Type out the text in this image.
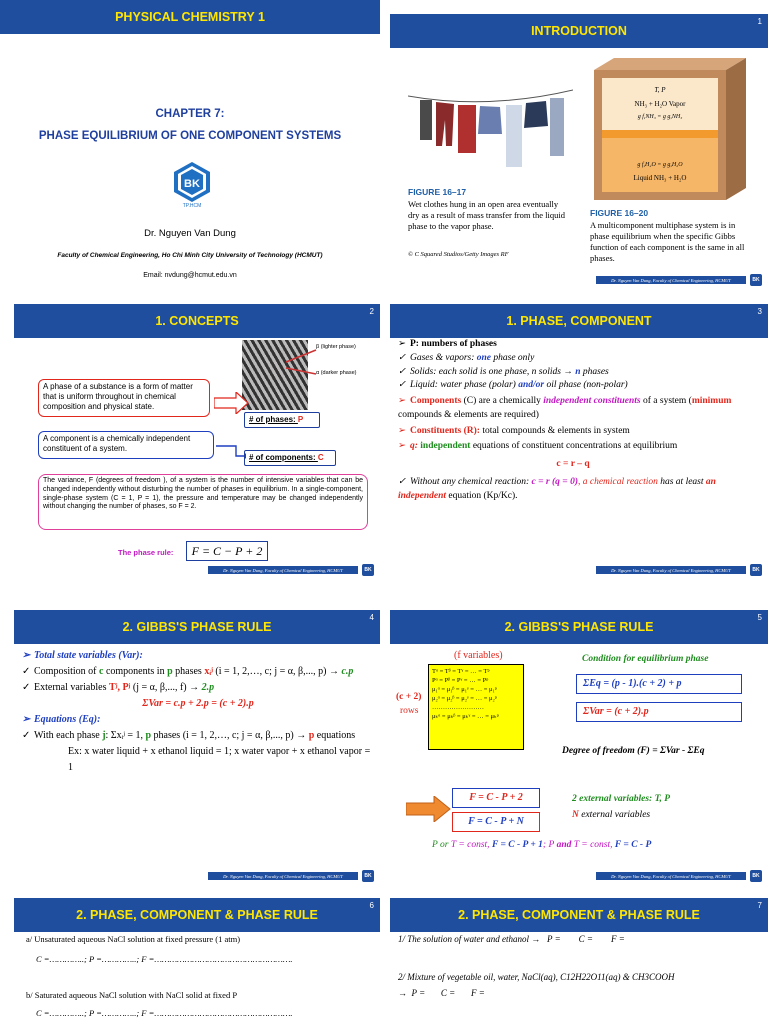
PHYSICAL CHEMISTRY 1
CHAPTER 7:
PHASE EQUILIBRIUM OF ONE COMPONENT SYSTEMS
BK
TP.HCM
Dr. Nguyen Van Dung
Faculty of Chemical Engineering, Ho Chi Minh City University of Technology (HCMUT)
Email: nvdung@hcmut.edu.vn
INTRODUCTION
1
FIGURE 16–17
Wet clothes hung in an open area eventually dry as a result of mass transfer from the liquid phase to the vapor phase.
© C Squared Studios/Getty Images RF
T, P
NH₃ + H₂O Vapor
g f,NH₃ = g g,NH₃
g f,H₂O = g g,H₂O
Liquid NH₃ + H₂O
FIGURE 16–20
A multicomponent multiphase system is in phase equilibrium when the specific Gibbs function of each component is the same in all phases.
Dr. Nguyen Van Dung, Faculty of Chemical Engineering, HCMUT	BK
1. CONCEPTS
2
β (lighter phase)
α (darker phase)
A phase of a substance is a form of matter that is uniform throughout in chemical composition and physical state.
# of phases: P
A component is a chemically independent constituent of a system.
# of components: C
The variance, F (degrees of freedom ), of a system is the number of intensive variables that can be changed independently without disturbing the number of phases in equilibrium. In a single-component, single-phase system (C = 1, P = 1), the pressure and temperature may be changed independently without changing the number of phases, so F = 2.
The phase rule:	F = C − P + 2
Dr. Nguyen Van Dung, Faculty of Chemical Engineering, HCMUT	BK
1. PHASE, COMPONENT
3
➢ P: numbers of phases
✓ Gases & vapors: one phase only
✓ Solids: each solid is one phase, n solids → n phases
✓ Liquid: water phase (polar) and/or oil phase (non-polar)
➢ Components (C) are a chemically independent constituents of a system (minimum compounds & elements are required)
➢ Constituents (R): total compounds & elements in system
➢ q: independent equations of constituent concentrations at equilibrium
c = r – q
✓ Without any chemical reaction: c = r (q = 0), a chemical reaction has at least an independent equation (Kp/Kc).
Dr. Nguyen Van Dung, Faculty of Chemical Engineering, HCMUT	BK
2. GIBBS'S PHASE RULE
4
➢ Total state variables (Var):
✓ Composition of c components in p phases xᵢʲ (i = 1, 2,…, c; j = α, β,..., p) → c.p
✓ External variables Tʲ, Pʲ (j = α, β,..., f) → 2.p
ΣVar = c.p + 2.p = (c + 2).p
➢ Equations (Eq):
✓ With each phase j: Σxᵢʲ = 1, p phases (i = 1, 2,…, c; j = α, β,..., p) → p equations
Ex: x water liquid + x ethanol liquid = 1; x water vapor + x ethanol vapor = 1
Dr. Nguyen Van Dung, Faculty of Chemical Engineering, HCMUT	BK
2. GIBBS'S PHASE RULE
5
(f variables)
(c + 2)
rows
Tᵅ = Tᵝ = Tᵞ = … = Tᵖ
Pᵅ = Pᵝ = Pᵞ = … = Pᵖ
μ₁ᵅ = μ₁ᵝ = μ₁ᵞ = … = μ₁ᵖ
μ₂ᵅ = μ₂ᵝ = μ₂ᵞ = … = μ₂ᵖ
……………………
μₖᵅ = μₖᵝ = μₖᵞ = … = μₖᵖ
Condition for equilibrium phase
ΣEq = (p - 1).(c + 2) + p
ΣVar = (c + 2).p
Degree of freedom (F) = ΣVar - ΣEq
F = C - P + 2
F = C - P + N
2 external variables: T, P
N external variables
P or T = const, F = C - P + 1; P and T = const, F = C - P
Dr. Nguyen Van Dung, Faculty of Chemical Engineering, HCMUT	BK
2. PHASE, COMPONENT & PHASE RULE
6
a/ Unsaturated aqueous NaCl solution at fixed pressure (1 atm)
C =…………..; P =…………..; F =……………………………………………….
b/ Saturated aqueous NaCl solution with NaCl solid at fixed P
C =…………..; P =…………..; F =……………………………………………….
2. PHASE, COMPONENT & PHASE RULE
7
1/ The solution of water and ethanol →   P =        C =        F =
2/ Mixture of vegetable oil, water, NaCl(aq), C12H22O11(aq) & CH3COOH
→  P =       C =       F =
